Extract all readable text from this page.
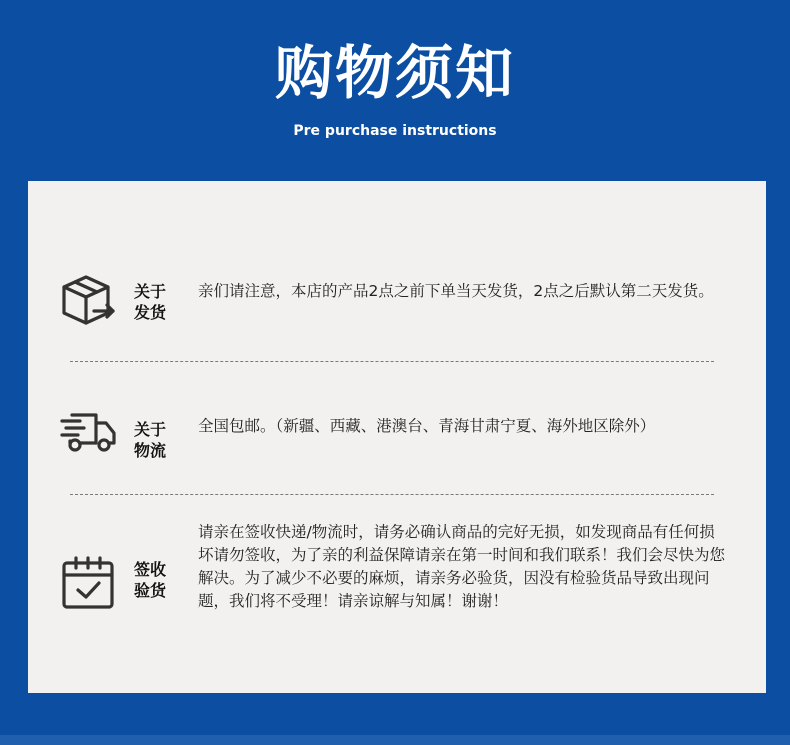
购物须知
Pre purchase instructions
关于
发货
亲们请注意，本店的产品2点之前下单当天发货，2点之后默认第二天发货。
关于
物流
全国包邮。（新疆、西藏、港澳台、青海甘肃宁夏、海外地区除外）
签收
验货
请亲在签收快递/物流时，请务必确认商品的完好无损，如发现商品有任何损坏请勿签收，为了亲的利益保障请亲在第一时间和我们联系！我们会尽快为您解决。为了减少不必要的麻烦，请亲务必验货，因没有检验货品导致出现问题，我们将不受理！请亲谅解与知属！谢谢！
